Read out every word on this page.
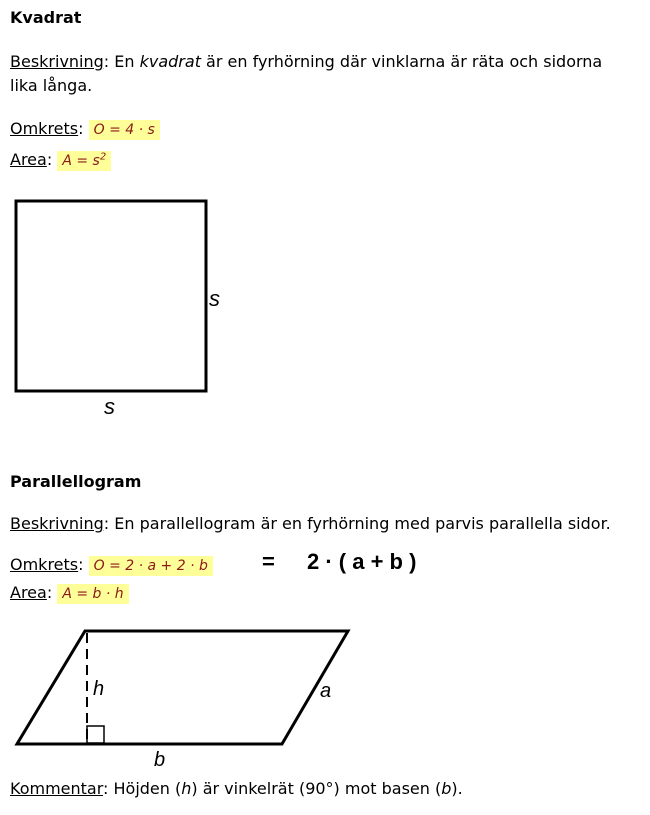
Kvadrat
Beskrivning: En kvadrat är en fyrhörning där vinklarna är räta och sidorna
lika långa.
Omkrets: O = 4 · s
Area: $A = s^2$
s
s
Parallellogram
Beskrivning: En parallellogram är en fyrhörning med parvis parallella sidor.
Omkrets: O = 2 · a + 2 · b = 2 · ( a + b )
Area: A = b · h
h	a
b
Kommentar: Höjden (h) är vinkelrät (90°) mot basen (b).
